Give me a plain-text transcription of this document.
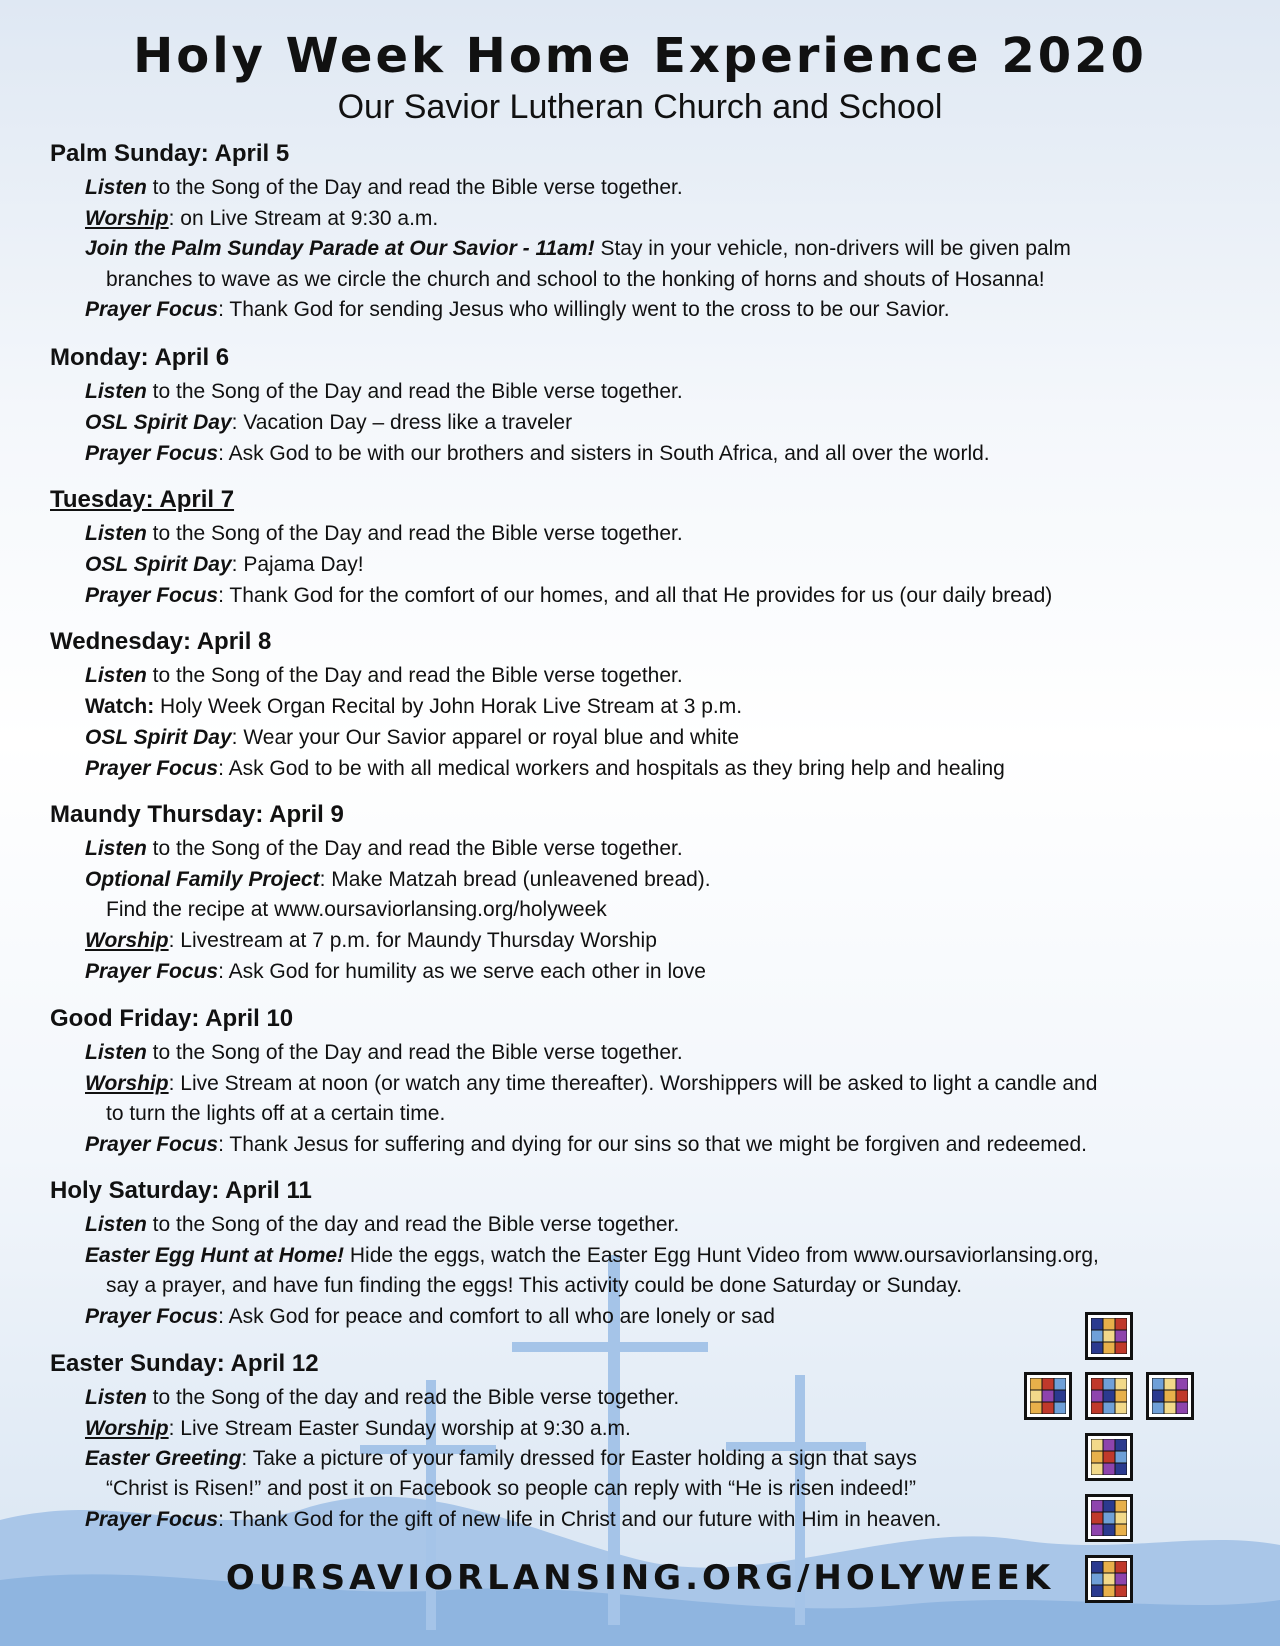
Holy Week Home Experience 2020
Our Savior Lutheran Church and School
Palm Sunday: April 5
Listen to the Song of the Day and read the Bible verse together.
Worship: on Live Stream at 9:30 a.m.
Join the Palm Sunday Parade at Our Savior - 11am! Stay in your vehicle, non-drivers will be given palm
branches to wave as we circle the church and school to the honking of horns and shouts of Hosanna!
Prayer Focus: Thank God for sending Jesus who willingly went to the cross to be our Savior.
Monday: April 6
Listen to the Song of the Day and read the Bible verse together.
OSL Spirit Day: Vacation Day – dress like a traveler
Prayer Focus: Ask God to be with our brothers and sisters in South Africa, and all over the world.
Tuesday: April 7
Listen to the Song of the Day and read the Bible verse together.
OSL Spirit Day: Pajama Day!
Prayer Focus: Thank God for the comfort of our homes, and all that He provides for us (our daily bread)
Wednesday: April 8
Listen to the Song of the Day and read the Bible verse together.
Watch: Holy Week Organ Recital by John Horak Live Stream at 3 p.m.
OSL Spirit Day: Wear your Our Savior apparel or royal blue and white
Prayer Focus: Ask God to be with all medical workers and hospitals as they bring help and healing
Maundy Thursday: April 9
Listen to the Song of the Day and read the Bible verse together.
Optional Family Project: Make Matzah bread (unleavened bread).
Find the recipe at www.oursaviorlansing.org/holyweek
Worship: Livestream at 7 p.m. for Maundy Thursday Worship
Prayer Focus: Ask God for humility as we serve each other in love
Good Friday: April 10
Listen to the Song of the Day and read the Bible verse together.
Worship: Live Stream at noon (or watch any time thereafter). Worshippers will be asked to light a candle and
to turn the lights off at a certain time.
Prayer Focus: Thank Jesus for suffering and dying for our sins so that we might be forgiven and redeemed.
Holy Saturday: April 11
Listen to the Song of the day and read the Bible verse together.
Easter Egg Hunt at Home! Hide the eggs, watch the Easter Egg Hunt Video from www.oursaviorlansing.org,
say a prayer, and have fun finding the eggs! This activity could be done Saturday or Sunday.
Prayer Focus: Ask God for peace and comfort to all who are lonely or sad
Easter Sunday: April 12
Listen to the Song of the day and read the Bible verse together.
Worship: Live Stream Easter Sunday worship at 9:30 a.m.
Easter Greeting: Take a picture of your family dressed for Easter holding a sign that says
“Christ is Risen!” and post it on Facebook so people can reply with “He is risen indeed!”
Prayer Focus: Thank God for the gift of new life in Christ and our future with Him in heaven.
OURSAVIORLANSING.ORG/HOLYWEEK
